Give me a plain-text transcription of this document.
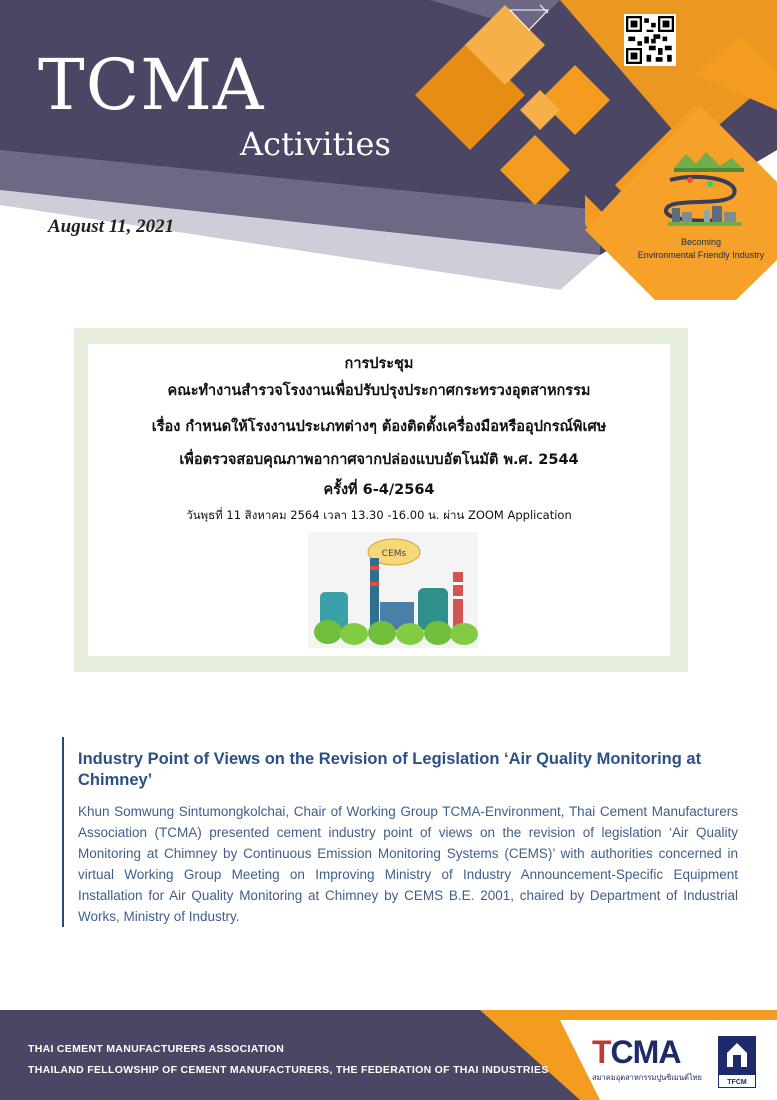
TCMA
Activities
August 11, 2021
Becoming
Environmental Friendly Industry
การประชุม
คณะทำงานสำรวจโรงงานเพื่อปรับปรุงประกาศกระทรวงอุตสาหกรรม
เรื่อง กำหนดให้โรงงานประเภทต่างๆ ต้องติดตั้งเครื่องมือหรืออุปกรณ์พิเศษ
เพื่อตรวจสอบคุณภาพอากาศจากปล่องแบบอัตโนมัติ พ.ศ. 2544
ครั้งที่ 6-4/2564
วันพุธที่ 11 สิงหาคม 2564 เวลา 13.30 -16.00 น. ผ่าน ZOOM Application
CEMs
Industry Point of Views on the Revision of Legislation ‘Air Quality Monitoring at Chimney’
Khun Somwung Sintumongkolchai, Chair of Working Group TCMA-Environment, Thai Cement Manufacturers Association (TCMA) presented cement industry point of views on the revision of legislation ‘Air Quality Monitoring at Chimney by Continuous Emission Monitoring Systems (CEMS)’ with authorities concerned in virtual Working Group Meeting on Improving Ministry of Industry Announcement-Specific Equipment Installation for Air Quality Monitoring at Chimney by CEMS B.E. 2001, chaired by Department of Industrial Works, Ministry of Industry.
THAI CEMENT MANUFACTURERS ASSOCIATION
THAILAND FELLOWSHIP OF CEMENT MANUFACTURERS, THE FEDERATION OF THAI INDUSTRIES TCMA
สมาคมอุตสาหกรรมปูนซิเมนต์ไทย
TFCM
